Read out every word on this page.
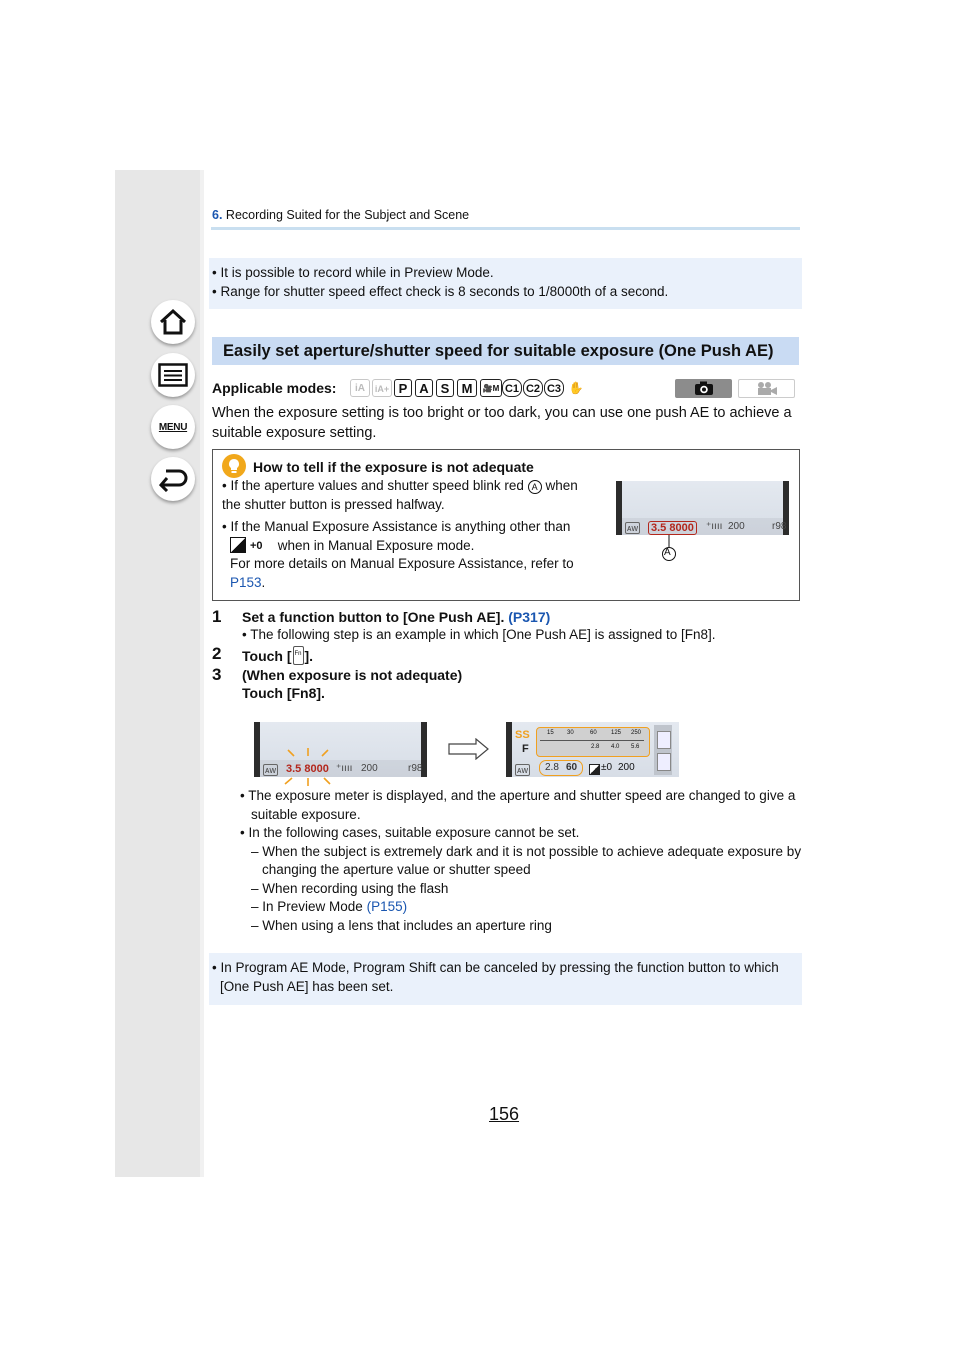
MENU
6. Recording Suited for the Subject and Scene
• It is possible to record while in Preview Mode.
• Range for shutter speed effect check is 8 seconds to 1/8000th of a second.
Easily set aperture/shutter speed for suitable exposure (One Push AE)
Applicable modes:	iA	iA+ P A S M	🎥M C1 C2 C3 ✋
When the exposure setting is too bright or too dark, you can use one push AE to achieve a suitable exposure setting.
How to tell if the exposure is not adequate
• If the aperture values and shutter speed blink red A when the shutter button is pressed halfway.
• If the Manual Exposure Assistance is anything other than
+0 when in Manual Exposure mode.
For more details on Manual Exposure Assistance, refer to
P153.
ᴀᴡ 3.5 8000	⁺ıııı 200	r98
A
1 Set a function button to [One Push AE]. (P317)
• The following step is an example in which [One Push AE] is assigned to [Fn8].
2 Touch [ Fn ].
3 (When exposure is not adequate)
Touch [Fn8].
ᴀᴡ 3.5 8000 ⁺ıııı 200	r98
SS
F
15 30	60 125 250
2.8 4.0 5.6
ᴀᴡ 2.8 60 ±0 200
• The exposure meter is displayed, and the aperture and shutter speed are changed to give a suitable exposure.
• In the following cases, suitable exposure cannot be set.
– When the subject is extremely dark and it is not possible to achieve adequate exposure by changing the aperture value or shutter speed
– When recording using the flash
– In Preview Mode (P155)
– When using a lens that includes an aperture ring
• In Program AE Mode, Program Shift can be canceled by pressing the function button to which [One Push AE] has been set.
156
